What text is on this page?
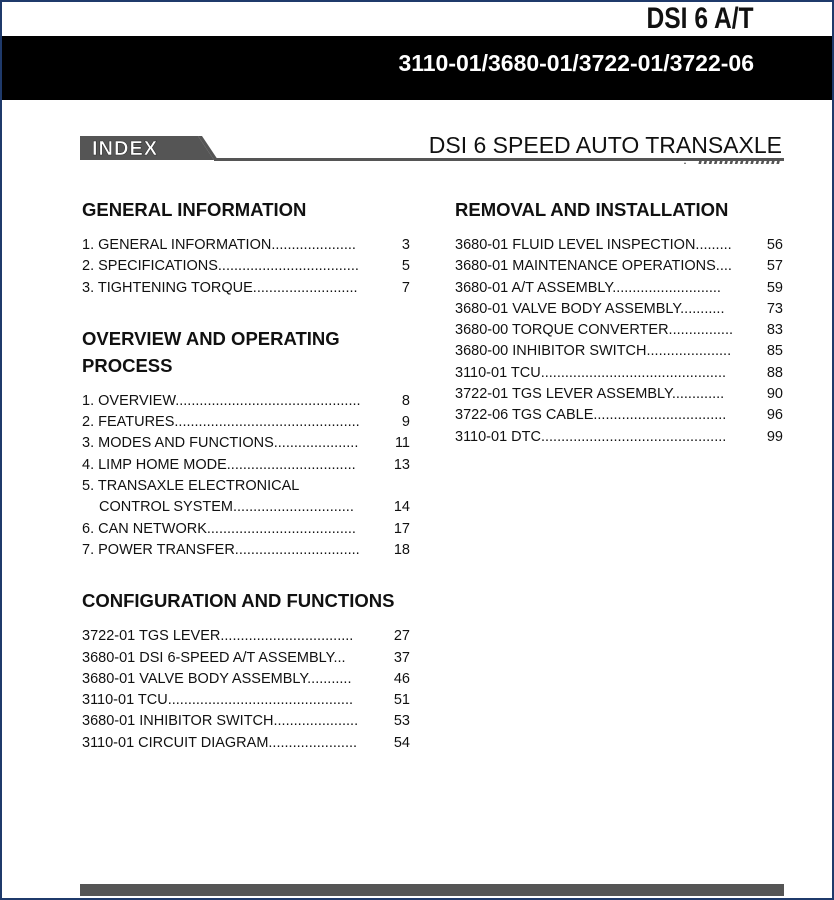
DSI 6 A/T
3110-01/3680-01/3722-01/3722-06
INDEX	DSI 6 SPEED AUTO TRANSAXLE
GENERAL INFORMATION
1. GENERAL INFORMATION.....................	3
2. SPECIFICATIONS...................................	5
3. TIGHTENING TORQUE..........................	7
OVERVIEW AND OPERATING PROCESS
1. OVERVIEW..............................................	8
2. FEATURES..............................................	9
3. MODES AND FUNCTIONS.....................	11
4. LIMP HOME MODE................................	13
5. TRANSAXLE ELECTRONICAL
CONTROL SYSTEM..............................	14
6. CAN NETWORK.....................................	17
7. POWER TRANSFER............................... 18
CONFIGURATION AND FUNCTIONS
3722-01 TGS LEVER.................................	27
3680-01 DSI 6-SPEED A/T ASSEMBLY...	37
3680-01 VALVE BODY ASSEMBLY...........	46
3110-01 TCU..............................................	51
3680-01 INHIBITOR SWITCH..................... 53
3110-01 CIRCUIT DIAGRAM......................	54
REMOVAL AND INSTALLATION
3680-01 FLUID LEVEL INSPECTION......... 56
3680-01 MAINTENANCE OPERATIONS.... 57
3680-01 A/T ASSEMBLY...........................	59
3680-01 VALVE BODY ASSEMBLY...........	73
3680-00 TORQUE CONVERTER................ 83
3680-00 INHIBITOR SWITCH..................... 85
3110-01 TCU..............................................	88
3722-01 TGS LEVER ASSEMBLY.............	90
3722-06 TGS CABLE.................................	96
3110-01 DTC..............................................	99
